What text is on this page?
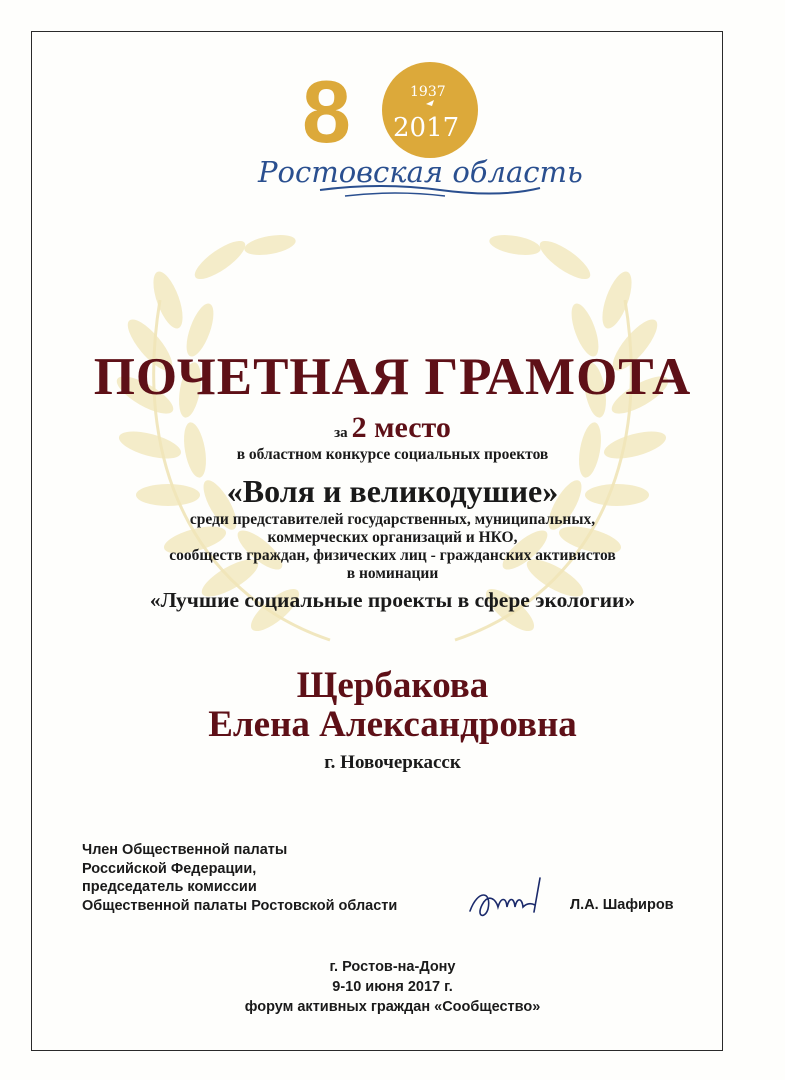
8	1937
2017
Ростовская область
ПОЧЕТНАЯ ГРАМОТА
за 2 место
в областном конкурсе социальных проектов
«Воля и великодушие»
среди представителей государственных, муниципальных,
коммерческих организаций и НКО,
сообществ граждан, физических лиц - гражданских активистов
в номинации
«Лучшие социальные проекты в сфере экологии»
Щербакова
Елена Александровна
г. Новочеркасск
Член Общественной палаты
Российской Федерации,
председатель комиссии
Общественной палаты Ростовской области	Л.А. Шафиров
г. Ростов-на-Дону
9-10 июня 2017 г.
форум активных граждан «Сообщество»
